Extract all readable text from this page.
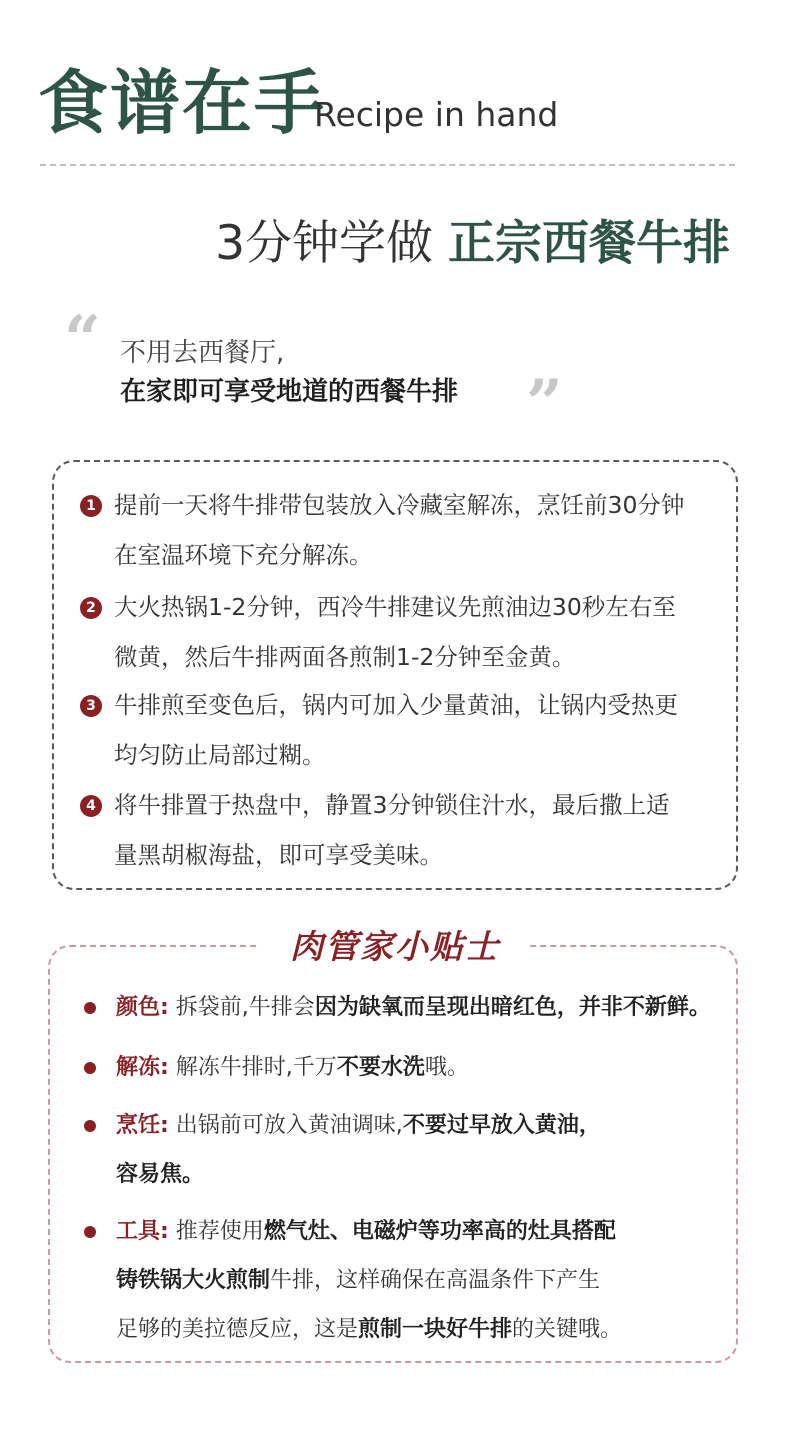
食谱在手
Recipe in hand
3分钟学做 正宗西餐牛排
“ 不用去西餐厅,
在家即可享受地道的西餐牛排 ”
1 提前一天将牛排带包装放入冷藏室解冻，烹饪前30分钟
在室温环境下充分解冻。
2 大火热锅1-2分钟，西冷牛排建议先煎油边30秒左右至
微黄，然后牛排两面各煎制1-2分钟至金黄。
3 牛排煎至变色后，锅内可加入少量黄油，让锅内受热更
均匀防止局部过糊。
4 将牛排置于热盘中，静置3分钟锁住汁水，最后撒上适
量黑胡椒海盐，即可享受美味。
肉管家小贴士
颜色: 拆袋前,牛排会因为缺氧而呈现出暗红色，并非不新鲜。
解冻: 解冻牛排时,千万不要水洗哦。
烹饪: 出锅前可放入黄油调味,不要过早放入黄油，
容易焦。
工具: 推荐使用燃气灶、电磁炉等功率高的灶具搭配
铸铁锅大火煎制牛排，这样确保在高温条件下产生
足够的美拉德反应，这是煎制一块好牛排的关键哦。
